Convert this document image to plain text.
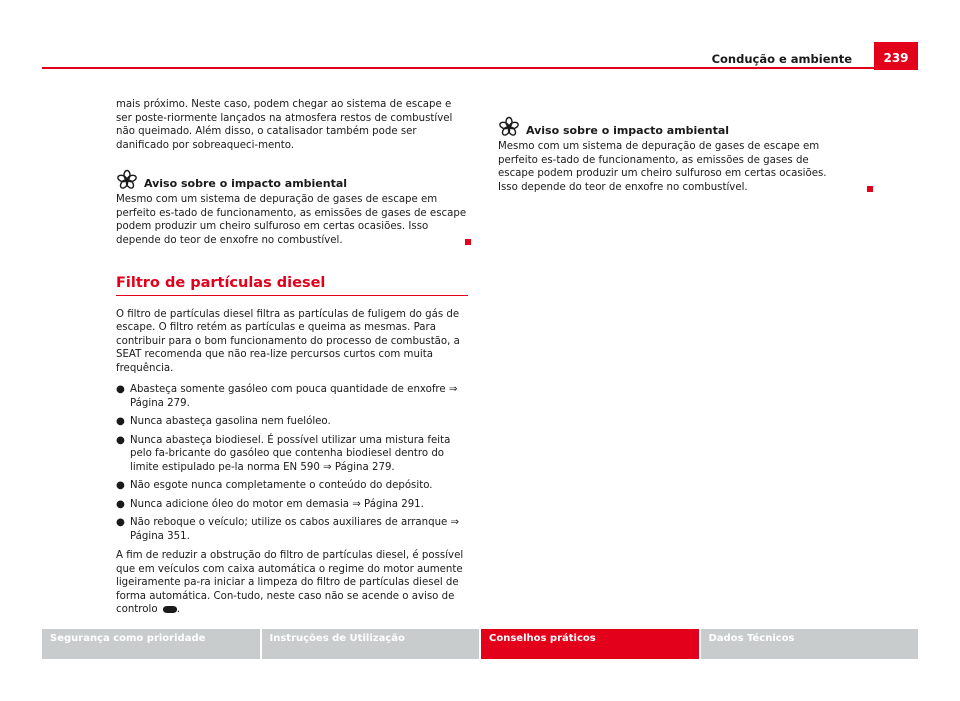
Condução e ambiente	239

mais próximo. Neste caso, podem chegar ao sistema de escape e ser poste-riormente lançados na atmosfera restos de combustível não queimado. Além disso, o catalisador também pode ser danificado por sobreaqueci-mento.

Aviso sobre o impacto ambiental

Mesmo com um sistema de depuração de gases de escape em perfeito es-tado de funcionamento, as emissões de gases de escape podem produzir um cheiro sulfuroso em certas ocasiões. Isso depende do teor de enxofre no combustível.

Filtro de partículas diesel

O filtro de partículas diesel filtra as partículas de fuligem do gás de escape. O filtro retém as partículas e queima as mesmas. Para contribuir para o bom funcionamento do processo de combustão, a SEAT recomenda que não rea-lize percursos curtos com muita frequência.

● Abasteça somente gasóleo com pouca quantidade de enxofre ⇒ Página 279.
● Nunca abasteça gasolina nem fuelóleo.
● Nunca abasteça biodiesel. É possível utilizar uma mistura feita pelo fa-bricante do gasóleo que contenha biodiesel dentro do limite estipulado pe-la norma EN 590 ⇒ Página 279.
● Não esgote nunca completamente o conteúdo do depósito.
● Nunca adicione óleo do motor em demasia ⇒ Página 291.
● Não reboque o veículo; utilize os cabos auxiliares de arranque ⇒ Página 351.

A fim de reduzir a obstrução do filtro de partículas diesel, é possível que em veículos com caixa automática o regime do motor aumente ligeiramente pa-ra iniciar a limpeza do filtro de partículas diesel de forma automática. Con-tudo, neste caso não se acende o aviso de controlo .

Aviso sobre o impacto ambiental

Mesmo com um sistema de depuração de gases de escape em perfeito es-tado de funcionamento, as emissões de gases de escape podem produzir um cheiro sulfuroso em certas ocasiões. Isso depende do teor de enxofre no combustível.

Segurança como prioridade	Instruções de Utilização	Conselhos práticos	Dados Técnicos
